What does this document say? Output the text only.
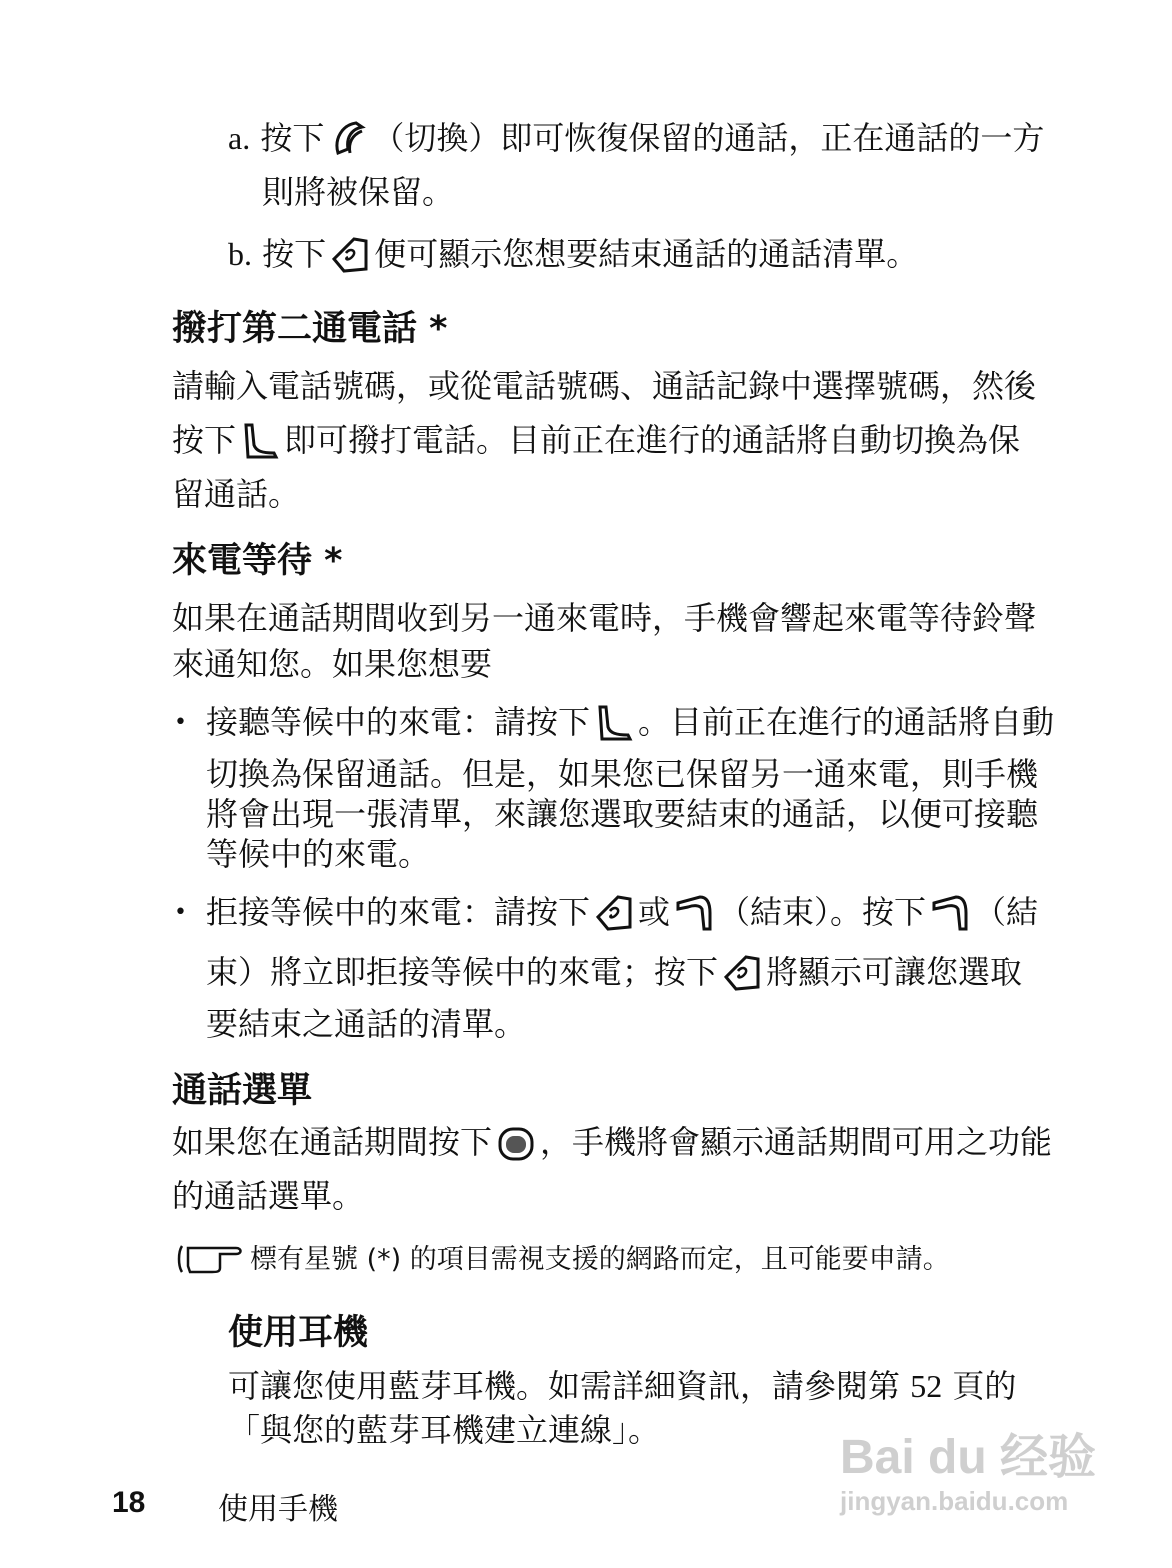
a. 按下 （切換）即可恢復保留的通話，正在通話的一方
則將被保留。
b. 按下 便可顯示您想要結束通話的通話清單。
撥打第二通電話 *
請輸入電話號碼，或從電話號碼、通話記錄中選擇號碼，然後
按下 即可撥打電話。目前正在進行的通話將自動切換為保
留通話。
來電等待 *
如果在通話期間收到另一通來電時，手機會響起來電等待鈴聲
來通知您。如果您想要
• 接聽等候中的來電：請按下 。目前正在進行的通話將自動
切換為保留通話。但是，如果您已保留另一通來電，則手機
將會出現一張清單，來讓您選取要結束的通話，以便可接聽
等候中的來電。
• 拒接等候中的來電：請按下 或 （結束）。按下 （結
束）將立即拒接等候中的來電；按下 將顯示可讓您選取
要結束之通話的清單。
通話選單
如果您在通話期間按下 ，手機將會顯示通話期間可用之功能
的通話選單。
標有星號 (*) 的項目需視支援的網路而定，且可能要申請。
使用耳機
可讓您使用藍芽耳機。如需詳細資訊，請參閱第 52 頁的
「與您的藍芽耳機建立連線」。
18 使用手機
Bai du 经验
jingyan.baidu.com
